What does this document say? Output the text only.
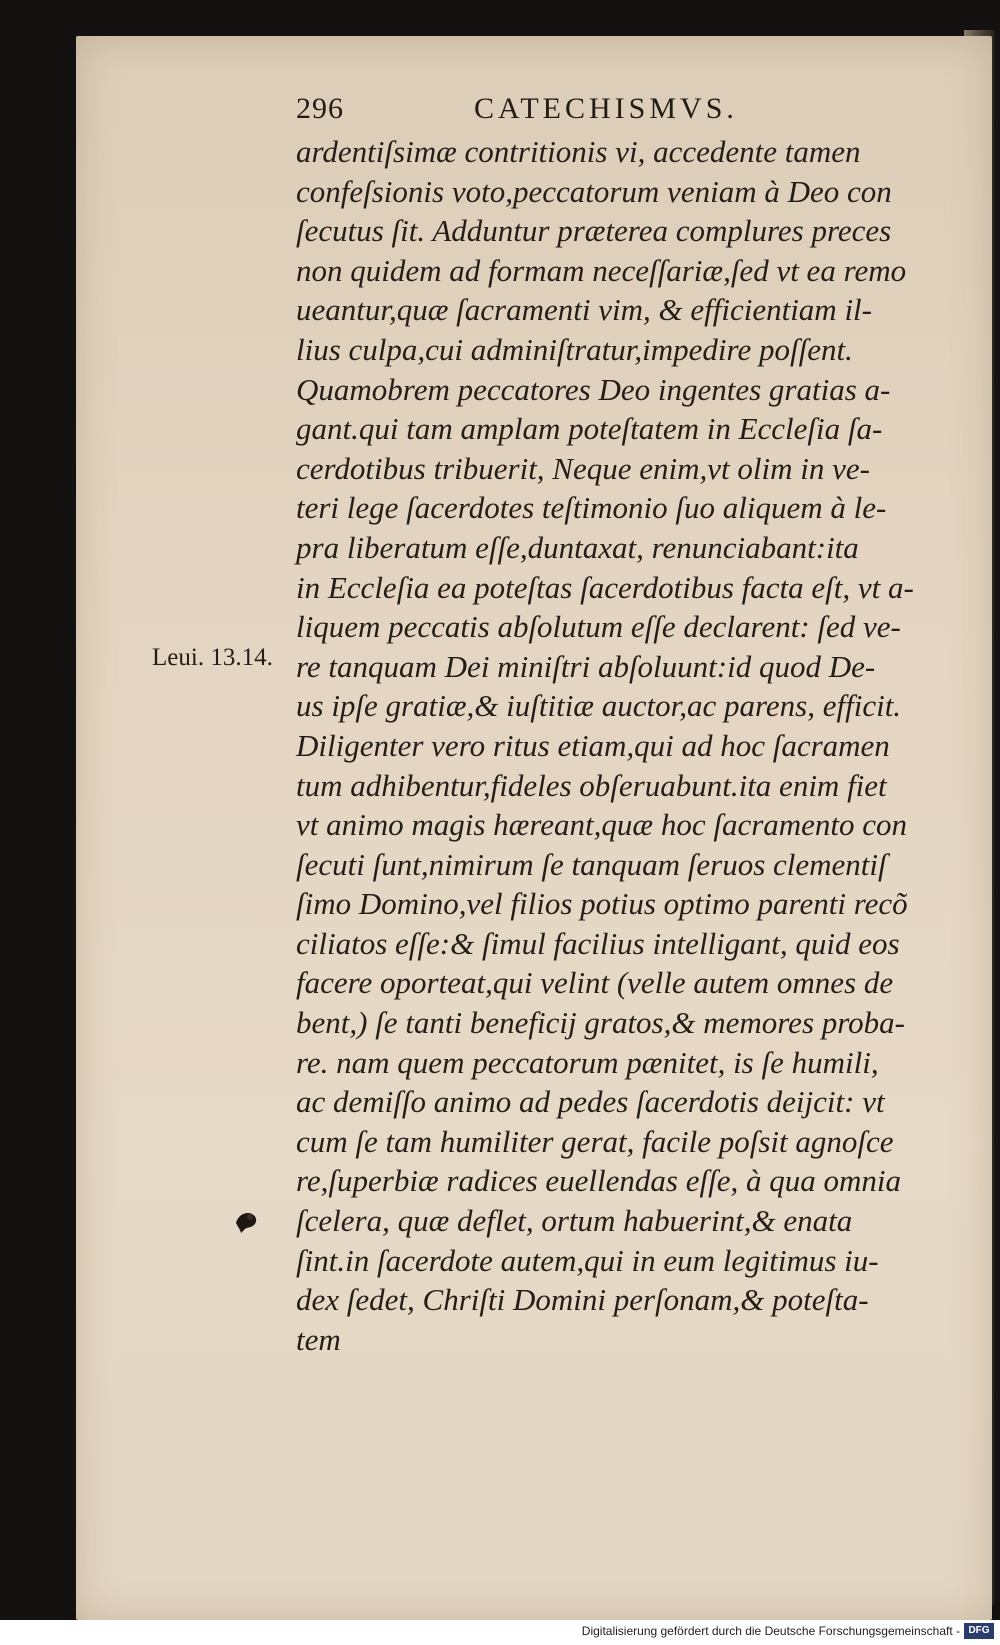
296	CATECHISMVS.
ardentiſsimæ contritionis vi, accedente tamen
confeſsionis voto,peccatorum veniam à Deo con
ſecutus ſit. Adduntur præterea complures preces
non quidem ad formam neceſſariæ,ſed vt ea remo
ueantur,quæ ſacramenti vim, & efficientiam il-
lius culpa,cui adminiſtratur,impedire poſſent.
Quamobrem peccatores Deo ingentes gratias a-
gant.qui tam amplam poteſtatem in Eccleſia ſa-
cerdotibus tribuerit, Neque enim,vt olim in ve-
teri lege ſacerdotes teſtimonio ſuo aliquem à le-
pra liberatum eſſe,duntaxat, renunciabant:ita
in Eccleſia ea poteſtas ſacerdotibus facta eſt, vt a-
liquem peccatis abſolutum eſſe declarent: ſed ve-
re tanquam Dei miniſtri abſoluunt:id quod De-
us ipſe gratiæ,& iuſtitiæ auctor,ac parens, efficit.
Diligenter vero ritus etiam,qui ad hoc ſacramen
tum adhibentur,fideles obſeruabunt.ita enim fiet
vt animo magis hæreant,quæ hoc ſacramento con
ſecuti ſunt,nimirum ſe tanquam ſeruos clementiſ
ſimo Domino,vel filios potius optimo parenti recõ
ciliatos eſſe:& ſimul facilius intelligant, quid eos
facere oporteat,qui velint (velle autem omnes de
bent,) ſe tanti beneficij gratos,& memores proba-
re. nam quem peccatorum pænitet, is ſe humili,
ac demiſſo animo ad pedes ſacerdotis deijcit: vt
cum ſe tam humiliter gerat, facile poſsit agnoſce
re,ſuperbiæ radices euellendas eſſe, à qua omnia
ſcelera, quæ deflet, ortum habuerint,& enata
ſint.in ſacerdote autem,qui in eum legitimus iu-
dex ſedet, Chriſti Domini perſonam,& poteſta-
tem
Leui. 13.14.
Digitalisierung gefördert durch die Deutsche Forschungsgemeinschaft - DFG
